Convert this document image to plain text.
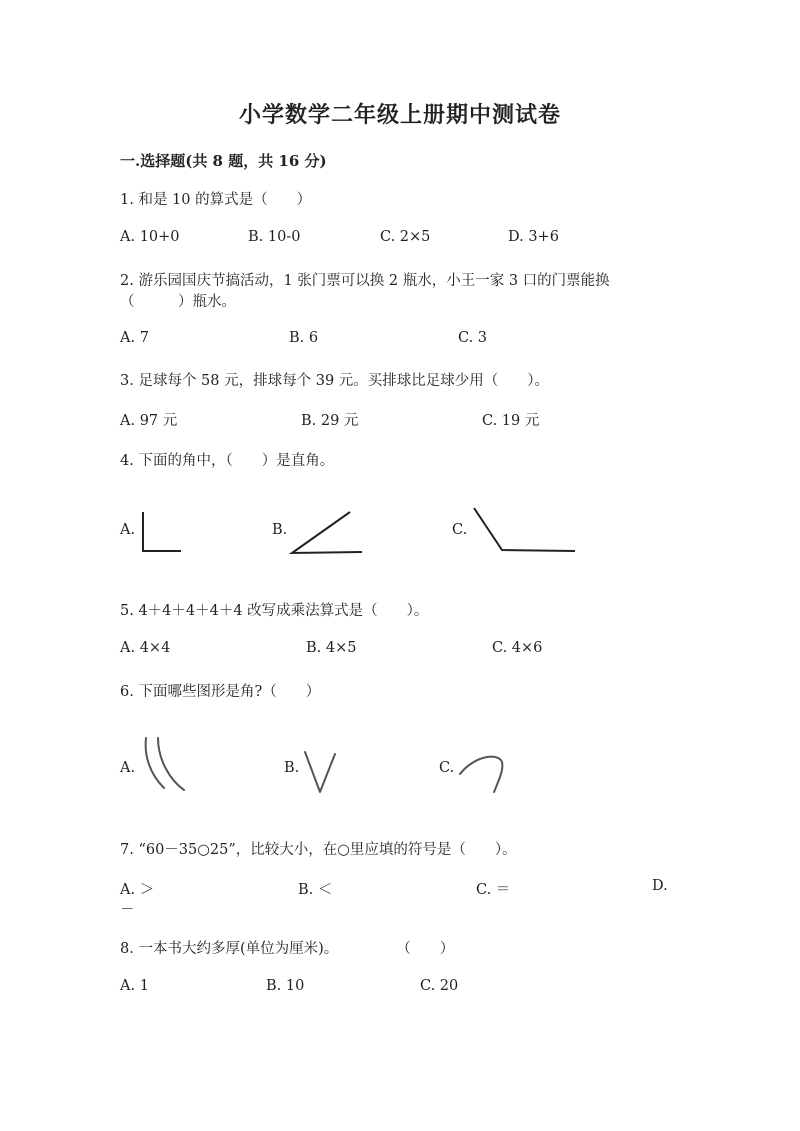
小学数学二年级上册期中测试卷
一.选择题(共 8 题，共 16 分)
1. 和是 10 的算式是（　　）
A. 10+0	B. 10-0	C. 2×5	D. 3+6
2. 游乐园国庆节搞活动，1 张门票可以换 2 瓶水，小王一家 3 口的门票能换
（　　　）瓶水。
A. 7	B. 6	C. 3
3. 足球每个 58 元，排球每个 39 元。买排球比足球少用（　　）。
A. 97 元	B. 29 元	C. 19 元
4. 下面的角中，（　　）是直角。
A.	B.	C.
5. 4＋4＋4＋4＋4 改写成乘法算式是（　　）。
A. 4×4	B. 4×5	C. 4×6
6. 下面哪些图形是角?（　　）
A.	B.	C.
7. “60－35○25”，比较大小，在○里应填的符号是（　　）。
A. ＞	B. ＜	C. ＝	D.
－
8. 一本书大约多厚(单位为厘米)。　　　　　（　　）
A. 1	B. 10	C. 20
